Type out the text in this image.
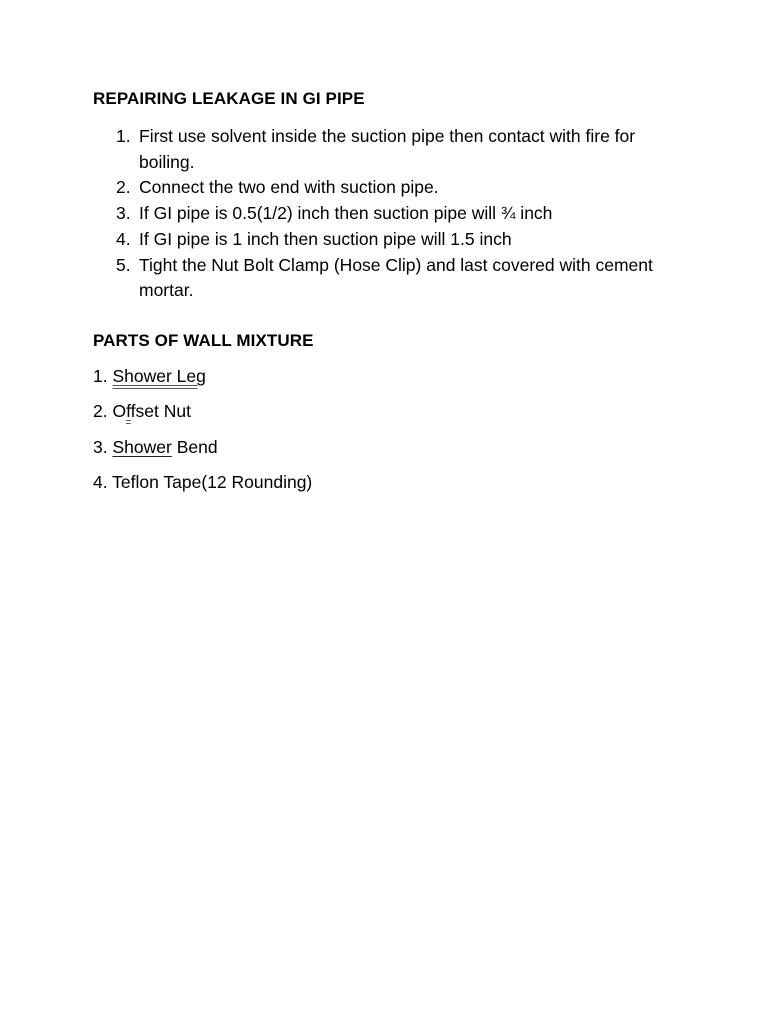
REPAIRING LEAKAGE IN GI PIPE
1. First use solvent inside the suction pipe then contact with fire for boiling.
2. Connect the two end with suction pipe.
3. If GI pipe is 0.5(1/2) inch then suction pipe will ¾ inch
4. If GI pipe is 1 inch then suction pipe will 1.5 inch
5. Tight the Nut Bolt Clamp (Hose Clip) and last covered with cement mortar.
PARTS OF WALL MIXTURE

1. Shower Leg

2. Offset Nut

3. Shower Bend

4. Teflon Tape(12 Rounding)
